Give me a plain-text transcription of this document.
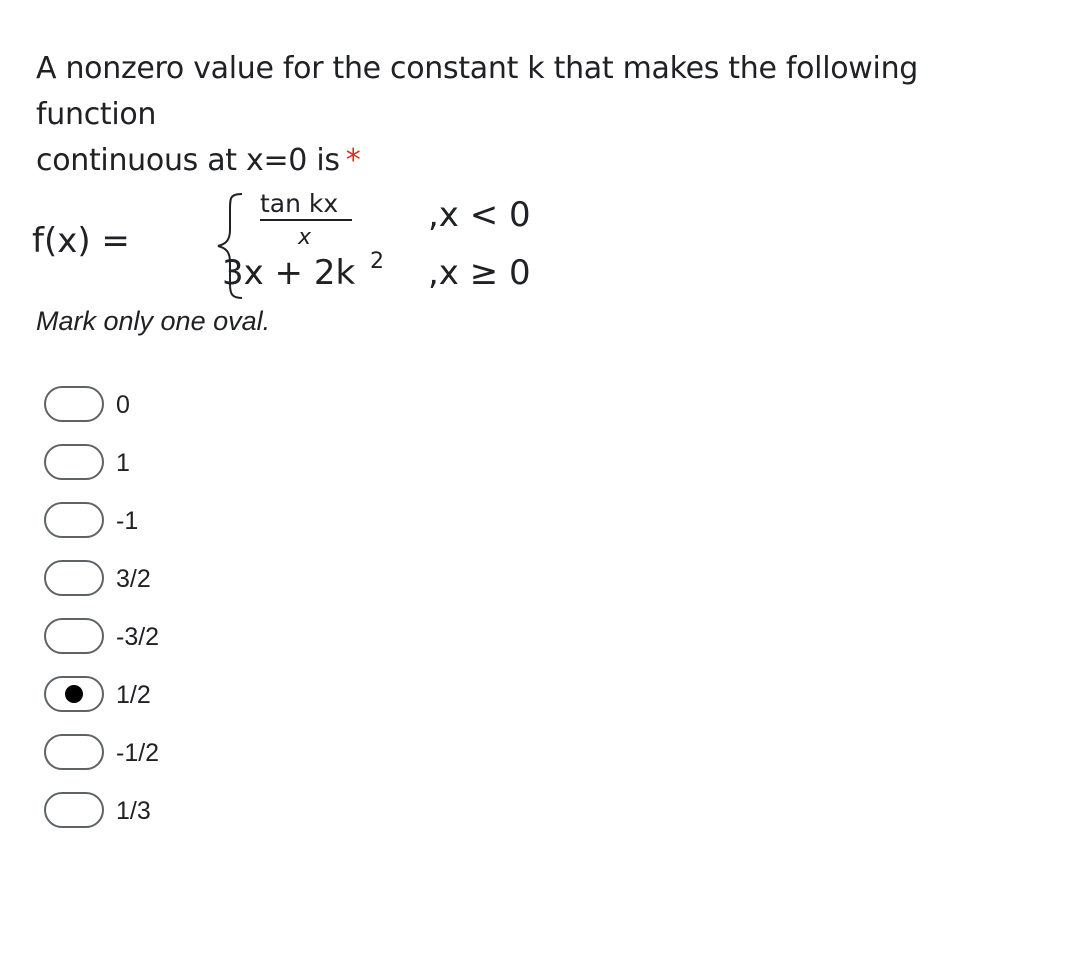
A nonzero value for the constant k that makes the following function
continuous at x=0 is *
f(x) =
tan kx
x
,x < 0
3x + 2k 2 ,x ≥ 0
Mark only one oval.
0
1
-1
3/2
-3/2
1/2
-1/2
1/3
